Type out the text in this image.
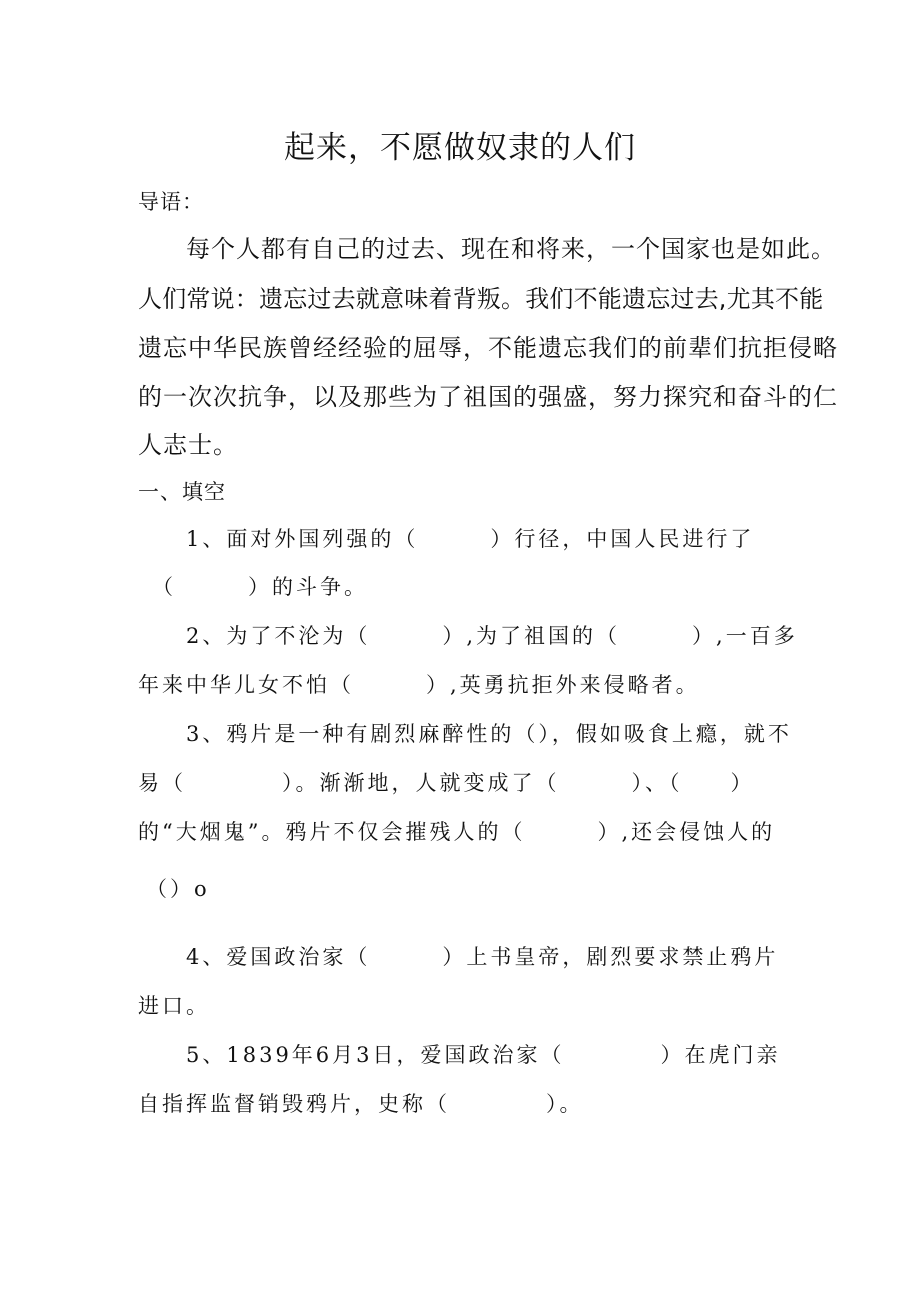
起来，不愿做奴隶的人们
导语：
每个人都有自己的过去、现在和将来，一个国家也是如此。
人们常说：遗忘过去就意味着背叛。我们不能遗忘过去,尤其不能
遗忘中华民族曾经经验的屈辱，不能遗忘我们的前辈们抗拒侵略
的一次次抗争，以及那些为了祖国的强盛，努力探究和奋斗的仁
人志士。
一、填空
1、面对外国列强的（　　　）行径，中国人民进行了
（　　　）的斗争。
2、为了不沦为（　　　）,为了祖国的（　　　）,一百多
年来中华儿女不怕（　　　）,英勇抗拒外来侵略者。
3、鸦片是一种有剧烈麻醉性的（），假如吸食上瘾，就不
易（　　　　）。渐渐地，人就变成了（　　　）、（　　）
的“大烟鬼”。鸦片不仅会摧残人的（　　　）,还会侵蚀人的
（）o
4、爱国政治家（　　　）上书皇帝，剧烈要求禁止鸦片
进口。
5、1839年6月3日，爱国政治家（　　　　）在虎门亲
自指挥监督销毁鸦片，史称（　　　　）。
